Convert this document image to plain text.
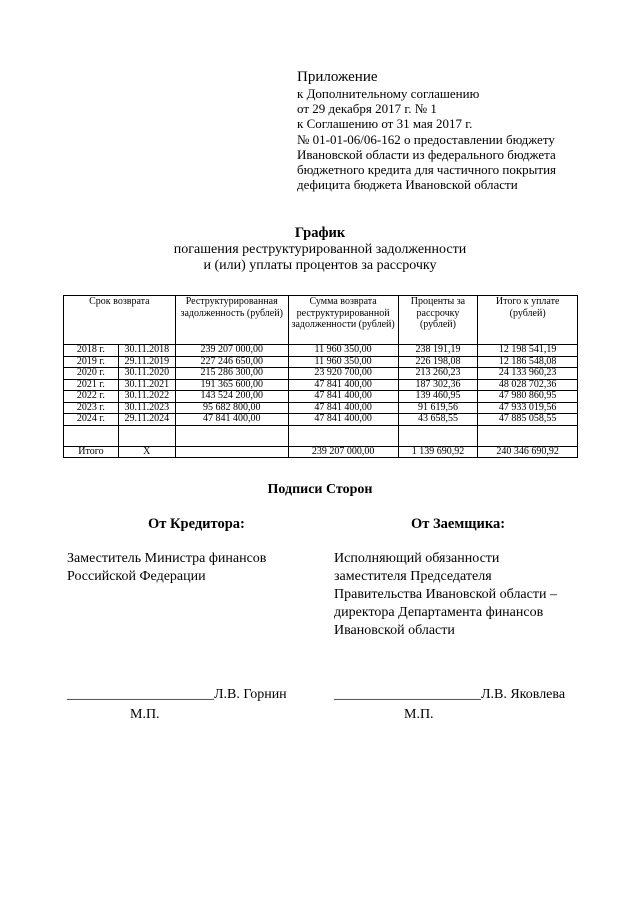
Приложение
к Дополнительному соглашению
от 29 декабря 2017 г. № 1
к Соглашению от 31 мая 2017 г.
№ 01-01-06/06-162 о предоставлении бюджету
Ивановской области из федерального бюджета
бюджетного кредита для частичного покрытия
дефицита бюджета Ивановской области
График
погашения реструктурированной задолженности
и (или) уплаты процентов за рассрочку
Срок возврата		Реструктурированная задолженность (рублей)	Сумма возврата реструктурированной задолженности (рублей)	Проценты за рассрочку (рублей)	Итого к уплате (рублей)
2018 г.	30.11.2018	239 207 000,00	11 960 350,00	238 191,19	12 198 541,19
2019 г.	29.11.2019	227 246 650,00	11 960 350,00	226 198,08	12 186 548,08
2020 г.	30.11.2020	215 286 300,00	23 920 700,00	213 260,23	24 133 960,23
2021 г.	30.11.2021	191 365 600,00	47 841 400,00	187 302,36	48 028 702,36
2022 г.	30.11.2022	143 524 200,00	47 841 400,00	139 460,95	47 980 860,95
2023 г.	30.11.2023	95 682 800,00	47 841 400,00	91 619,56	47 933 019,56
2024 г.	29.11.2024	47 841 400,00	47 841 400,00	43 658,55	47 885 058,55

Итого	Х		239 207 000,00	1 139 690,92	240 346 690,92
Подписи Сторон
От Кредитора:	От Заемщика:
Заместитель Министра финансов
Российской Федерации
Исполняющий обязанности
заместителя Председателя
Правительства Ивановской области –
директора Департамента финансов
Ивановской области
_____________________Л.В. Горнин	_____________________Л.В. Яковлева
М.П.	М.П.
